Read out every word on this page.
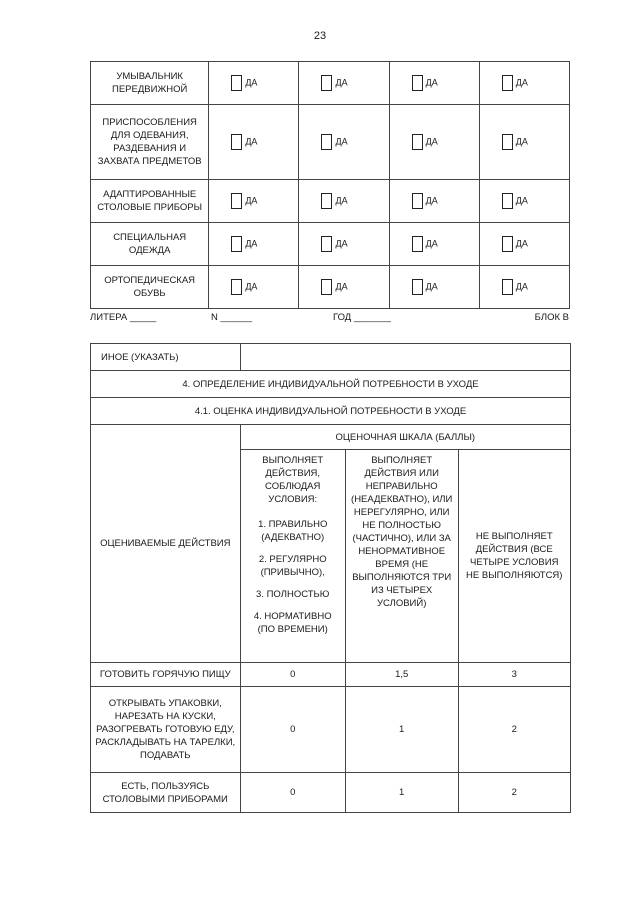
23
УМЫВАЛЬНИК ПЕРЕДВИЖНОЙ	ДА	ДА	ДА	ДА
ПРИСПОСОБЛЕНИЯ ДЛЯ ОДЕВАНИЯ, РАЗДЕВАНИЯ И ЗАХВАТА ПРЕДМЕТОВ	ДА	ДА	ДА	ДА
АДАПТИРОВАННЫЕ СТОЛОВЫЕ ПРИБОРЫ	ДА	ДА	ДА	ДА
СПЕЦИАЛЬНАЯ ОДЕЖДА	ДА	ДА	ДА	ДА
ОРТОПЕДИЧЕСКАЯ ОБУВЬ	ДА	ДА	ДА	ДА
ЛИТЕРА _____	N ______	ГОД _______	БЛОК В
ИНОЕ (УКАЗАТЬ)			
4. ОПРЕДЕЛЕНИЕ ИНДИВИДУАЛЬНОЙ ПОТРЕБНОСТИ В УХОДЕ			
4.1. ОЦЕНКА ИНДИВИДУАЛЬНОЙ ПОТРЕБНОСТИ В УХОДЕ			
ОЦЕНИВАЕМЫЕ ДЕЙСТВИЯ	ОЦЕНОЧНАЯ ШКАЛА (БАЛЛЫ)		

	ВЫПОЛНЯЕТ ДЕЙСТВИЯ, СОБЛЮДАЯ УСЛОВИЯ:

1. ПРАВИЛЬНО (АДЕКВАТНО)

2. РЕГУЛЯРНО (ПРИВЫЧНО),

3. ПОЛНОСТЬЮ

4. НОРМАТИВНО (ПО ВРЕМЕНИ)	ВЫПОЛНЯЕТ ДЕЙСТВИЯ ИЛИ НЕПРАВИЛЬНО (НЕАДЕКВАТНО), ИЛИ НЕРЕГУЛЯРНО, ИЛИ НЕ ПОЛНОСТЬЮ (ЧАСТИЧНО), ИЛИ ЗА НЕНОРМАТИВНОЕ ВРЕМЯ (НЕ ВЫПОЛНЯЮТСЯ ТРИ ИЗ ЧЕТЫРЕХ УСЛОВИЙ)	НЕ ВЫПОЛНЯЕТ ДЕЙСТВИЯ (ВСЕ ЧЕТЫРЕ УСЛОВИЯ НЕ ВЫПОЛНЯЮТСЯ)

ГОТОВИТЬ ГОРЯЧУЮ ПИЩУ	0	1,5	3
ОТКРЫВАТЬ УПАКОВКИ, НАРЕЗАТЬ НА КУСКИ, РАЗОГРЕВАТЬ ГОТОВУЮ ЕДУ, РАСКЛАДЫВАТЬ НА ТАРЕЛКИ, ПОДАВАТЬ	0	1	2
ЕСТЬ, ПОЛЬЗУЯСЬ СТОЛОВЫМИ ПРИБОРАМИ	0	1	2
